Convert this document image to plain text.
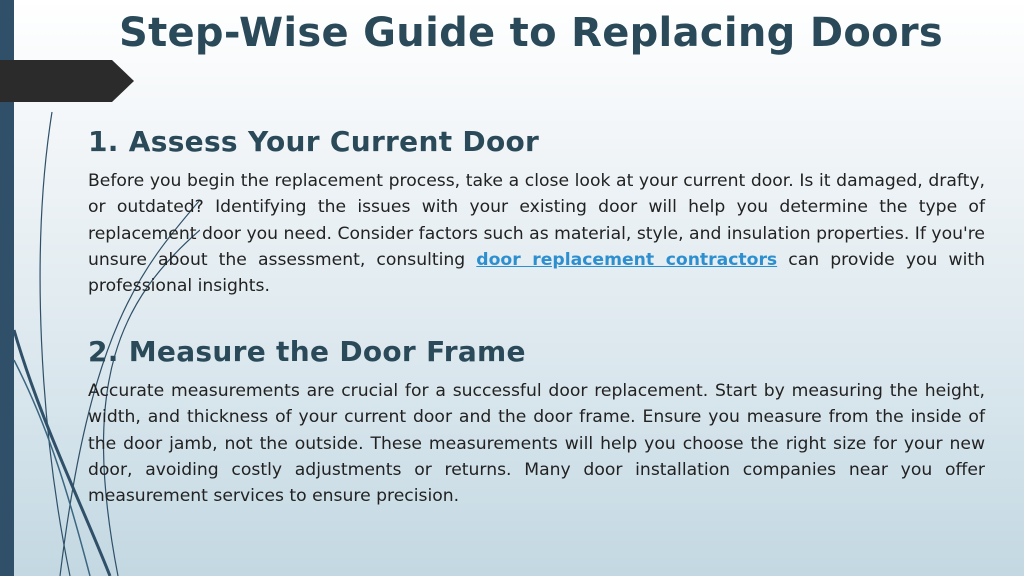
Step-Wise Guide to Replacing Doors
1. Assess Your Current Door

Before you begin the replacement process, take a close look at your current door. Is it damaged, drafty, or outdated? Identifying the issues with your existing door will help you determine the type of replacement door you need. Consider factors such as material, style, and insulation properties. If you're unsure about the assessment, consulting door replacement contractors can provide you with professional insights.

2. Measure the Door Frame

Accurate measurements are crucial for a successful door replacement. Start by measuring the height, width, and thickness of your current door and the door frame. Ensure you measure from the inside of the door jamb, not the outside. These measurements will help you choose the right size for your new door, avoiding costly adjustments or returns. Many door installation companies near you offer measurement services to ensure precision.
